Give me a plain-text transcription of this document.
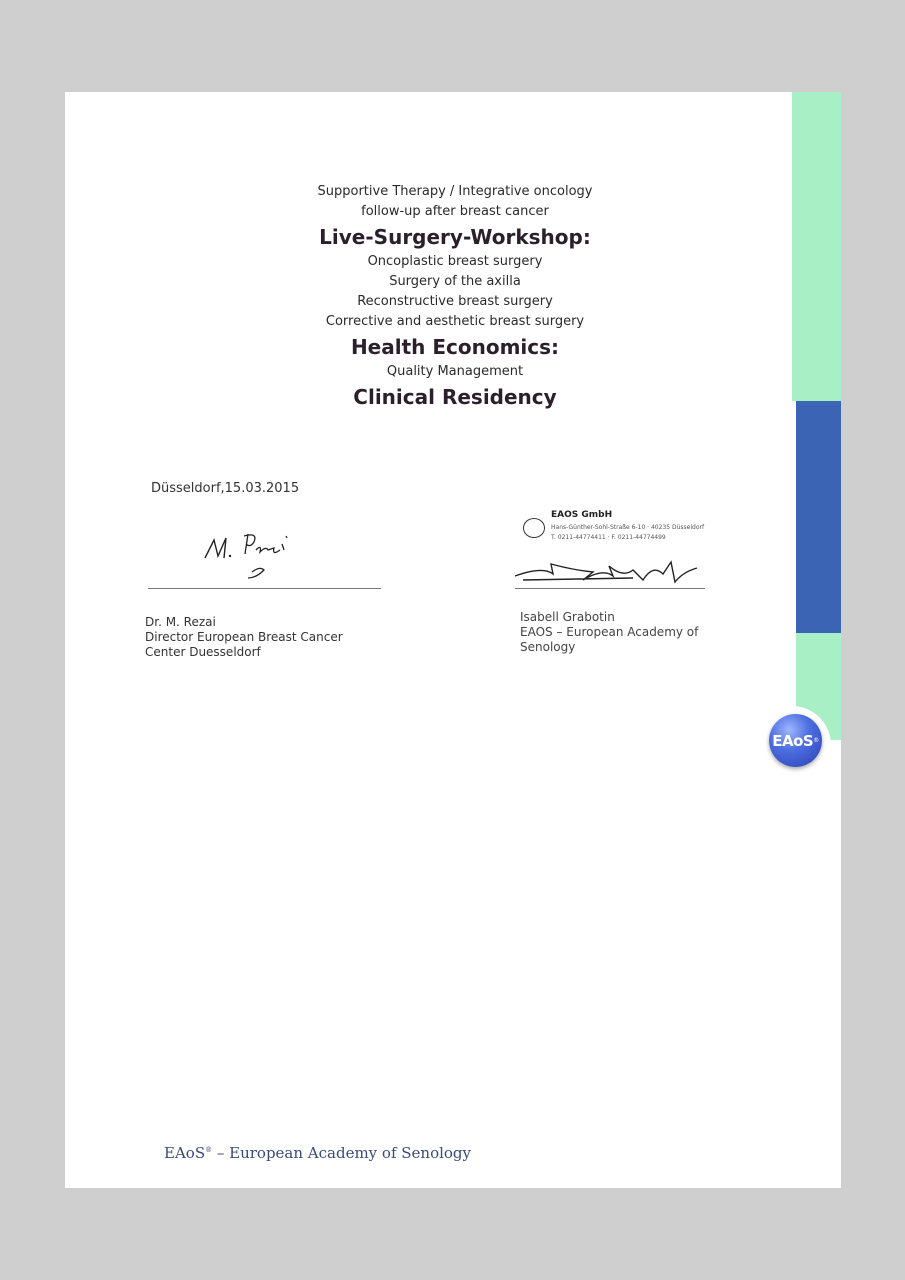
EAoS ®
Supportive Therapy / Integrative oncology
follow-up after breast cancer
Live-Surgery-Workshop:
Oncoplastic breast surgery
Surgery of the axilla
Reconstructive breast surgery
Corrective and aesthetic breast surgery
Health Economics:
Quality Management
Clinical Residency
Düsseldorf,15.03.2015
Dr. M. Rezai
Director European Breast Cancer
Center Duesseldorf
EAOS GmbH
Hans-Günther-Sohl-Straße 6-10 · 40235 Düsseldorf
T. 0211-44774411 · F. 0211-44774499
Isabell Grabotin
EAOS – European Academy of
Senology
EAoS® – European Academy of Senology
